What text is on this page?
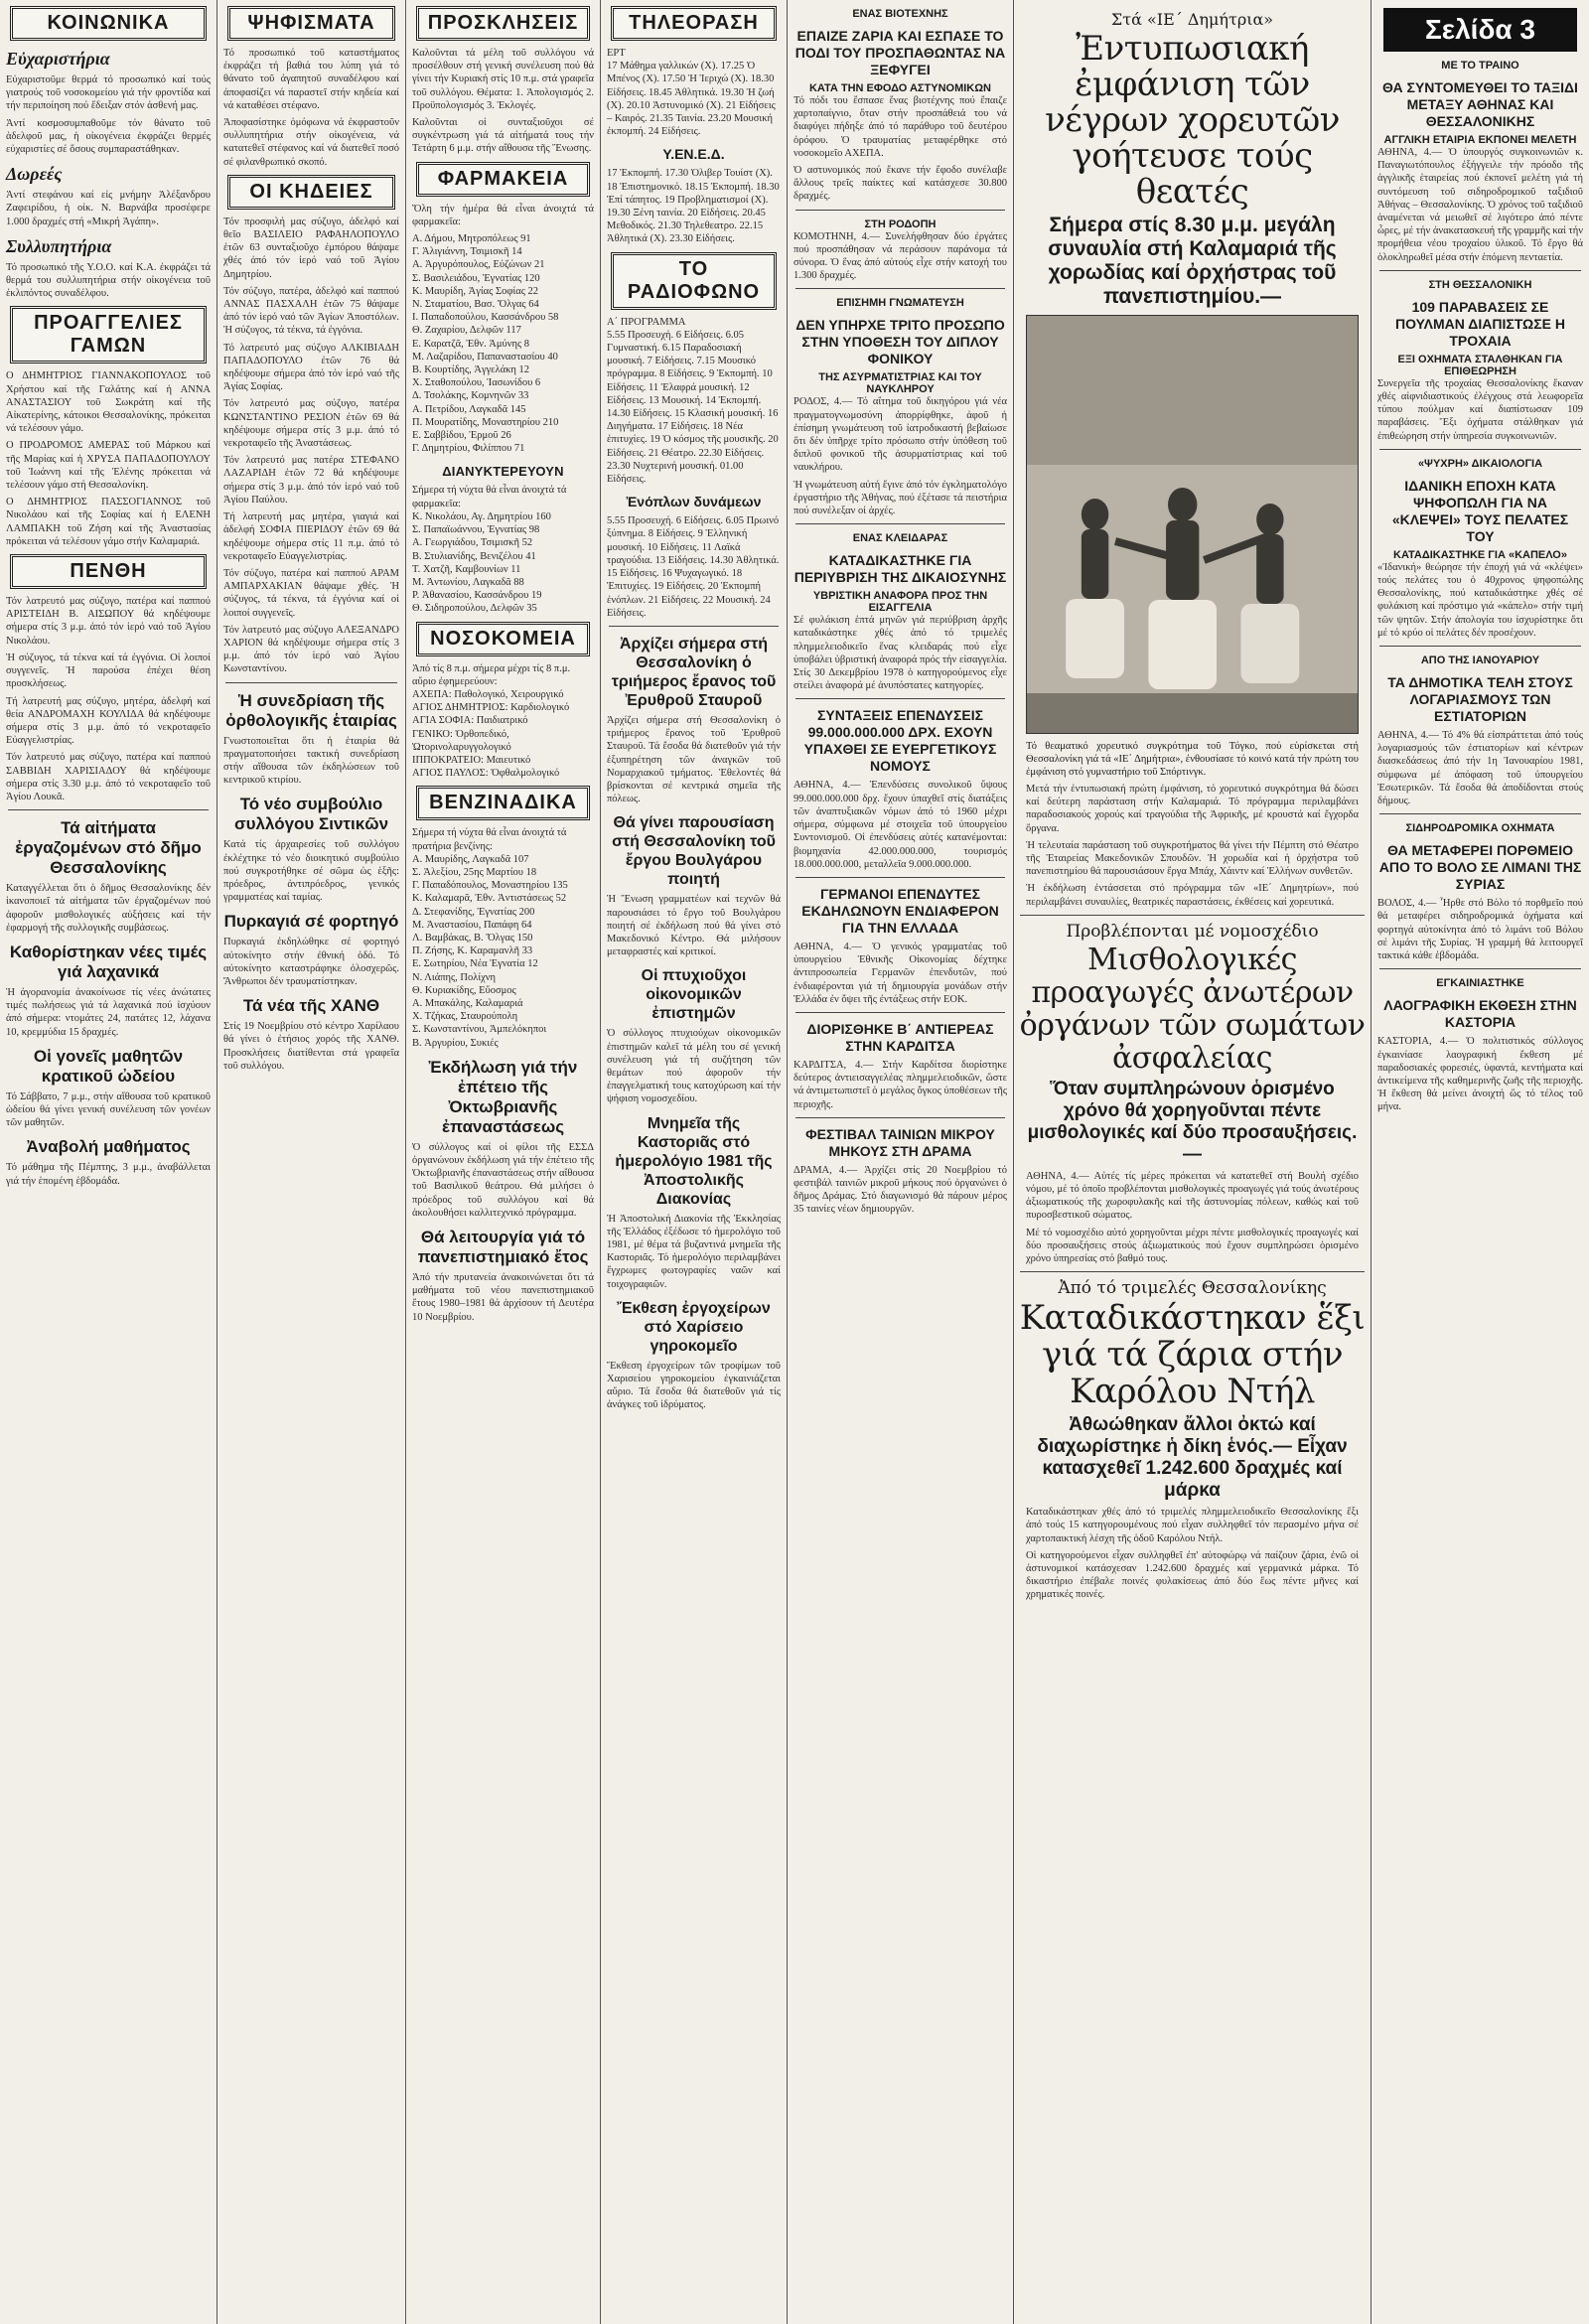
ΚΟΙΝΩΝΙΚΑ
Εὐχαριστήρια

Εὐχαριστοῦμε θερμά τό προσωπικό καί τούς γιατρούς τοῦ νοσοκομείου γιά τήν φροντίδα καί τήν περιποίηση πού ἔδειξαν στόν ἀσθενή μας.

Ἀντί κοσμοσυμπαθοῦμε τόν θάνατο τοῦ ἀδελφοῦ μας, ἡ οἰκογένεια ἐκφράζει θερμές εὐχαριστίες σέ ὅσους συμπαραστάθηκαν.

Δωρεές

Ἀντί στεφάνου καί εἰς μνήμην Ἀλέξανδρου Ζαφειρίδου, ἡ οἰκ. Ν. Βαρνάβα προσέφερε 1.000 δραχμές στή «Μικρή Ἀγάπη».

Συλλυπητήρια

Τό προσωπικό τῆς Υ.Ο.Ο. καί Κ.Α. ἐκφράζει τά θερμά του συλλυπητήρια στήν οἰκογένεια τοῦ ἐκλιπόντος συναδέλφου.

ΠΡΟΑΓΓΕΛΙΕΣ ΓΑΜΩΝ

Ο ΔΗΜΗΤΡΙΟΣ ΓΙΑΝΝΑΚΟΠΟΥΛΟΣ τοῦ Χρήστου καί τῆς Γαλάτης καί ἡ ΑΝΝΑ ΑΝΑΣΤΑΣΙΟΥ τοῦ Σωκράτη καί τῆς Αἰκατερίνης, κάτοικοι Θεσσαλονίκης, πρόκειται νά τελέσουν γάμο.

Ο ΠΡΟΔΡΟΜΟΣ ΑΜΕΡΑΣ τοῦ Μάρκου καί τῆς Μαρίας καί ἡ ΧΡΥΣΑ ΠΑΠΑΔΟΠΟΥΛΟΥ τοῦ Ἰωάννη καί τῆς Ἑλένης πρόκειται νά τελέσουν γάμο στή Θεσσαλονίκη.

Ο ΔΗΜΗΤΡΙΟΣ ΠΑΣΣΟΓΙΑΝΝΟΣ τοῦ Νικολάου καί τῆς Σοφίας καί ἡ ΕΛΕΝΗ ΛΑΜΠΑΚΗ τοῦ Ζήση καί τῆς Ἀναστασίας πρόκειται νά τελέσουν γάμο στήν Καλαμαριά.

ΠΕΝΘΗ

Τόν λατρευτό μας σύζυγο, πατέρα καί παππού ΑΡΙΣΤΕΙΔΗ Β. ΑΙΣΩΠΟΥ θά κηδέψουμε σήμερα στίς 3 μ.μ. ἀπό τόν ἱερό ναό τοῦ Ἁγίου Νικολάου.

Ἡ σύζυγος, τά τέκνα καί τά ἐγγόνια. Οἱ λοιποί συγγενεῖς. Ἡ παρούσα ἐπέχει θέση προσκλήσεως.

Τή λατρευτή μας σύζυγο, μητέρα, ἀδελφή καί θεία ΑΝΔΡΟΜΑΧΗ ΚΟΥΛΙΔΑ θά κηδέψουμε σήμερα στίς 3 μ.μ. ἀπό τό νεκροταφεῖο Εὐαγγελιστρίας.

Τόν λατρευτό μας σύζυγο, πατέρα καί παππού ΣΑΒΒΙΔΗ ΧΑΡΙΣΙΑΔΟΥ θά κηδέψουμε σήμερα στίς 3.30 μ.μ. ἀπό τό νεκροταφεῖο τοῦ Ἁγίου Λουκᾶ.

Τά αἰτήματα ἐργαζομένων στό δῆμο Θεσσαλονίκης

Καταγγέλλεται ὅτι ὁ δῆμος Θεσσαλονίκης δέν ἱκανοποιεῖ τά αἰτήματα τῶν ἐργαζομένων πού ἀφοροῦν μισθολογικές αὐξήσεις καί τήν ἐφαρμογή τῆς συλλογικῆς συμβάσεως.

Καθορίστηκαν νέες τιμές γιά λαχανικά

Ἡ ἀγορανομία ἀνακοίνωσε τίς νέες ἀνώτατες τιμές πωλήσεως γιά τά λαχανικά πού ἰσχύουν ἀπό σήμερα: ντομάτες 24, πατάτες 12, λάχανα 10, κρεμμύδια 15 δραχμές.

Οἱ γονεῖς μαθητῶν κρατικοῦ ὠδείου

Τό Σάββατο, 7 μ.μ., στήν αἴθουσα τοῦ κρατικοῦ ὠδείου θά γίνει γενική συνέλευση τῶν γονέων τῶν μαθητῶν.

Ἀναβολή μαθήματος

Τό μάθημα τῆς Πέμπτης, 3 μ.μ., ἀναβάλλεται γιά τήν ἑπομένη ἑβδομάδα.

ΨΗΦΙΣΜΑΤΑ

Τό προσωπικό τοῦ καταστήματος ἐκφράζει τή βαθιά του λύπη γιά τό θάνατο τοῦ ἀγαπητοῦ συναδέλφου καί ἀποφασίζει νά παραστεῖ στήν κηδεία καί νά καταθέσει στέφανο.

Ἀποφασίστηκε ὁμόφωνα νά ἐκφραστοῦν συλλυπητήρια στήν οἰκογένεια, νά κατατεθεῖ στέφανος καί νά διατεθεῖ ποσό σέ φιλανθρωπικό σκοπό.

ΟΙ ΚΗΔΕΙΕΣ

Τόν προσφιλή μας σύζυγο, ἀδελφό καί θεῖο ΒΑΣΙΛΕΙΟ ΡΑΦΑΗΛΟΠΟΥΛΟ ἐτῶν 63 συνταξιοῦχο ἐμπόρου θάψαμε χθές ἀπό τόν ἱερό ναό τοῦ Ἁγίου Δημητρίου.

Τόν σύζυγο, πατέρα, ἀδελφό καί παππού ΑΝΝΑΣ ΠΑΣΧΑΛΗ ἐτῶν 75 θάψαμε ἀπό τόν ἱερό ναό τῶν Ἁγίων Ἀποστόλων. Ἡ σύζυγος, τά τέκνα, τά ἐγγόνια.

Τό λατρευτό μας σύζυγο ΑΛΚΙΒΙΑΔΗ ΠΑΠΑΔΟΠΟΥΛΟ ἐτῶν 76 θά κηδέψουμε σήμερα ἀπό τόν ἱερό ναό τῆς Ἁγίας Σοφίας.

Τόν λατρευτό μας σύζυγο, πατέρα ΚΩΝΣΤΑΝΤΙΝΟ ΡΕΣΙΟΝ ἐτῶν 69 θά κηδέψουμε σήμερα στίς 3 μ.μ. ἀπό τό νεκροταφεῖο τῆς Ἀναστάσεως.

Τόν λατρευτό μας πατέρα ΣΤΕΦΑΝΟ ΛΑΖΑΡΙΔΗ ἐτῶν 72 θά κηδέψουμε σήμερα στίς 3 μ.μ. ἀπό τόν ἱερό ναό τοῦ Ἁγίου Παύλου.

Τή λατρευτή μας μητέρα, γιαγιά καί ἀδελφή ΣΟΦΙΑ ΠΙΕΡΙΔΟΥ ἐτῶν 69 θά κηδέψουμε σήμερα στίς 11 π.μ. ἀπό τό νεκροταφεῖο Εὐαγγελιστρίας.

Τόν σύζυγο, πατέρα καί παππού ΑΡΑΜ ΑΜΠΑΡΧΑΚΙΑΝ θάψαμε χθές. Ἡ σύζυγος, τά τέκνα, τά ἐγγόνια καί οἱ λοιποί συγγενεῖς.

Τόν λατρευτό μας σύζυγο ΑΛΕΞΑΝΔΡΟ ΧΑΡΙΟΝ θά κηδέψουμε σήμερα στίς 3 μ.μ. ἀπό τόν ἱερό ναό Ἁγίου Κωνσταντίνου.

Ἡ συνεδρίαση τῆς ὀρθολογικῆς ἑταιρίας

Γνωστοποιεῖται ὅτι ἡ ἑταιρία θά πραγματοποιήσει τακτική συνεδρίαση στήν αἴθουσα τῶν ἐκδηλώσεων τοῦ κεντρικοῦ κτιρίου.

Τό νέο συμβούλιο συλλόγου Σιντικῶν

Κατά τίς ἀρχαιρεσίες τοῦ συλλόγου ἐκλέχτηκε τό νέο διοικητικό συμβούλιο πού συγκροτήθηκε σέ σῶμα ὡς ἑξῆς: πρόεδρος, ἀντιπρόεδρος, γενικός γραμματέας καί ταμίας.

Πυρκαγιά σέ φορτηγό

Πυρκαγιά ἐκδηλώθηκε σέ φορτηγό αὐτοκίνητο στήν ἐθνική ὁδό. Τό αὐτοκίνητο καταστράφηκε ὁλοσχερῶς. Ἄνθρωποι δέν τραυματίστηκαν.

Τά νέα τῆς ΧΑΝΘ

Στίς 19 Νοεμβρίου στό κέντρο Χαρίλαου θά γίνει ὁ ἐτήσιος χορός τῆς ΧΑΝΘ. Προσκλήσεις διατίθενται στά γραφεῖα τοῦ συλλόγου.

ΠΡΟΣΚΛΗΣΕΙΣ

Καλοῦνται τά μέλη τοῦ συλλόγου νά προσέλθουν στή γενική συνέλευση πού θά γίνει τήν Κυριακή στίς 10 π.μ. στά γραφεῖα τοῦ συλλόγου. Θέματα: 1. Ἀπολογισμός 2. Προϋπολογισμός 3. Ἐκλογές.

Καλοῦνται οἱ συνταξιοῦχοι σέ συγκέντρωση γιά τά αἰτήματά τους τήν Τετάρτη 6 μ.μ. στήν αἴθουσα τῆς Ἕνωσης.

ΦΑΡΜΑΚΕΙΑ

Ὅλη τήν ἡμέρα θά εἶναι ἀνοιχτά τά φαρμακεῖα:

Α. Δήμου, Μητροπόλεως 91
Γ. Ἀλιγιάννη, Τσιμισκῆ 14
Α. Ἀργυρόπουλος, Εὐζώνων 21
Σ. Βασιλειάδου, Ἐγνατίας 120
Κ. Μαυρίδη, Ἀγίας Σοφίας 22
Ν. Σταματίου, Βασ. Ὄλγας 64
Ι. Παπαδοπούλου, Κασσάνδρου 58
Θ. Ζαχαρίου, Δελφῶν 117
Ε. Καρατζᾶ, Ἐθν. Ἀμύνης 8
Μ. Λαζαρίδου, Παπαναστασίου 40
Β. Κουρτίδης, Ἀγγελάκη 12
Χ. Σταθοπούλου, Ἰασωνίδου 6
Δ. Τσολάκης, Κομνηνῶν 33
Α. Πετρίδου, Λαγκαδᾶ 145
Π. Μουρατίδης, Μοναστηρίου 210
Ε. Σαββίδου, Ἑρμοῦ 26
Γ. Δημητρίου, Φιλίππου 71
ΔΙΑΝΥΚΤΕΡΕΥΟΥΝ
Σήμερα τή νύχτα θά εἶναι ἀνοιχτά τά φαρμακεῖα:
Κ. Νικολάου, Αγ. Δημητρίου 160
Σ. Παπαϊωάννου, Ἐγνατίας 98
Α. Γεωργιάδου, Τσιμισκῆ 52
Β. Στυλιανίδης, Βενιζέλου 41
Τ. Χατζῆ, Καμβουνίων 11
Μ. Ἀντωνίου, Λαγκαδᾶ 88
Ρ. Ἀθανασίου, Κασσάνδρου 19
Θ. Σιδηροπούλου, Δελφῶν 35
ΝΟΣΟΚΟΜΕΙΑ
Ἀπό τίς 8 π.μ. σήμερα μέχρι τίς 8 π.μ. αὔριο ἐφημερεύουν:
ΑΧΕΠΑ: Παθολογικό, Χειρουργικό
ΑΓΙΟΣ ΔΗΜΗΤΡΙΟΣ: Καρδιολογικό
ΑΓΙΑ ΣΟΦΙΑ: Παιδιατρικό
ΓΕΝΙΚΟ: Ὀρθοπεδικό, Ὠτορινολαρυγγολογικό
ΙΠΠΟΚΡΑΤΕΙΟ: Μαιευτικό
ΑΓΙΟΣ ΠΑΥΛΟΣ: Ὀφθαλμολογικό
ΒΕΝΖΙΝΑΔΙΚΑ
Σήμερα τή νύχτα θά εἶναι ἀνοιχτά τά πρατήρια βενζίνης:
Α. Μαυρίδης, Λαγκαδᾶ 107
Σ. Ἀλεξίου, 25ης Μαρτίου 18
Γ. Παπαδόπουλος, Μοναστηρίου 135
Κ. Καλαμαρᾶ, Ἐθν. Ἀντιστάσεως 52
Δ. Στεφανίδης, Ἐγνατίας 200
Μ. Ἀναστασίου, Παπάφη 64
Λ. Βαμβάκας, Β. Ὄλγας 150
Π. Ζήσης, Κ. Καραμανλῆ 33
Ε. Σωτηρίου, Νέα Ἐγνατία 12
Ν. Λιάπης, Πολίχνη
Θ. Κυριακίδης, Εὔοσμος
Α. Μπακάλης, Καλαμαριά
Χ. Τζήκας, Σταυρούπολη
Σ. Κωνσταντίνου, Ἀμπελόκηποι
Β. Ἀργυρίου, Συκιές
Ἐκδήλωση γιά τήν ἐπέτειο τῆς Ὀκτωβριανῆς ἐπαναστάσεως

Ὁ σύλλογος καί οἱ φίλοι τῆς ΕΣΣΔ ὀργανώνουν ἐκδήλωση γιά τήν ἐπέτειο τῆς Ὀκτωβριανῆς ἐπαναστάσεως στήν αἴθουσα τοῦ Βασιλικοῦ θεάτρου. Θά μιλήσει ὁ πρόεδρος τοῦ συλλόγου καί θά ἀκολουθήσει καλλιτεχνικό πρόγραμμα.

Θά λειτουργία γιά τό πανεπιστημιακό ἔτος

Ἀπό τήν πρυτανεία ἀνακοινώνεται ὅτι τά μαθήματα τοῦ νέου πανεπιστημιακοῦ ἔτους 1980–1981 θά ἀρχίσουν τή Δευτέρα 10 Νοεμβρίου.

ΤΗΛΕΟΡΑΣΗ
ΕΡΤ
17 Μάθημα γαλλικών (Χ). 17.25 Ὁ Μπένος (Χ). 17.50 Ἡ Ἱεριχώ (Χ). 18.30 Εἰδήσεις. 18.45 Ἀθλητικά. 19.30 Ἡ ζωή (Χ). 20.10 Ἀστυνομικό (Χ). 21 Εἰδήσεις – Καιρός. 21.35 Ταινία. 23.20 Μουσική ἐκπομπή. 24 Εἰδήσεις.
Υ.ΕΝ.Ε.Δ.
17 Ἐκπομπή. 17.30 Ὀλιβερ Τουίστ (Χ). 18 Ἐπιστημονικό. 18.15 Ἐκπομπή. 18.30 Ἐπί τάπητος. 19 Προβληματισμοί (Χ). 19.30 Ξένη ταινία. 20 Εἰδήσεις. 20.45 Μεθοδικός. 21.30 Τηλεθεατρο. 22.15 Ἀθλητικά (Χ). 23.30 Εἰδήσεις.
ΤΟ ΡΑΔΙΟΦΩΝΟ
Α΄ ΠΡΟΓΡΑΜΜΑ
5.55 Προσευχή. 6 Εἰδήσεις. 6.05 Γυμναστική. 6.15 Παραδοσιακή μουσική. 7 Εἰδήσεις. 7.15 Μουσικό πρόγραμμα. 8 Εἰδήσεις. 9 Ἐκπομπή. 10 Εἰδήσεις. 11 Ἐλαφρά μουσική. 12 Εἰδήσεις. 13 Μουσική. 14 Ἐκπομπή. 14.30 Εἰδήσεις. 15 Κλασική μουσική. 16 Διηγήματα. 17 Εἰδήσεις. 18 Νέα ἐπιτυχίες. 19 Ὁ κόσμος τῆς μουσικῆς. 20 Εἰδήσεις. 21 Θέατρο. 22.30 Εἰδήσεις. 23.30 Νυχτερινή μουσική. 01.00 Εἰδήσεις.
Ἐνόπλων δυνάμεων
5.55 Προσευχή. 6 Εἰδήσεις. 6.05 Πρωινό ξύπνημα. 8 Εἰδήσεις. 9 Ἑλληνική μουσική. 10 Εἰδήσεις. 11 Λαϊκά τραγούδια. 13 Εἰδήσεις. 14.30 Ἀθλητικά. 15 Εἰδήσεις. 16 Ψυχαγωγικό. 18 Ἐπιτυχίες. 19 Εἰδήσεις. 20 Ἐκπομπή ἐνόπλων. 21 Εἰδήσεις. 22 Μουσική. 24 Εἰδήσεις.
Ἀρχίζει σήμερα στή Θεσσαλονίκη ὁ τριήμερος ἔρανος τοῦ Ἐρυθροῦ Σταυροῦ

Ἀρχίζει σήμερα στή Θεσσαλονίκη ὁ τριήμερος ἔρανος τοῦ Ἐρυθροῦ Σταυροῦ. Τά ἔσοδα θά διατεθοῦν γιά τήν ἐξυπηρέτηση τῶν ἀναγκῶν τοῦ Νομαρχιακοῦ τμήματος. Ἐθελοντές θά βρίσκονται σέ κεντρικά σημεῖα τῆς πόλεως.

Θά γίνει παρουσίαση στή Θεσσαλονίκη τοῦ ἔργου Βουλγάρου ποιητή

Ἡ Ἕνωση γραμματέων καί τεχνῶν θά παρουσιάσει τό ἔργο τοῦ Βουλγάρου ποιητή σέ ἐκδήλωση πού θά γίνει στό Μακεδονικό Κέντρο. Θά μιλήσουν μεταφραστές καί κριτικοί.

Οἱ πτυχιοῦχοι οἰκονομικῶν ἐπιστημῶν

Ὁ σύλλογος πτυχιούχων οἰκονομικῶν ἐπιστημῶν καλεῖ τά μέλη του σέ γενική συνέλευση γιά τή συζήτηση τῶν θεμάτων πού ἀφοροῦν τήν ἐπαγγελματική τους κατοχύρωση καί τήν ψήφιση νομοσχεδίου.

Μνημεῖα τῆς Καστοριᾶς στό ἡμερολόγιο 1981 τῆς Ἀποστολικῆς Διακονίας

Ἡ Ἀποστολική Διακονία τῆς Ἐκκλησίας τῆς Ἑλλάδος ἐξέδωσε τό ἡμερολόγιο τοῦ 1981, μέ θέμα τά βυζαντινά μνημεῖα τῆς Καστοριᾶς. Τό ἡμερολόγιο περιλαμβάνει ἔγχρωμες φωτογραφίες ναῶν καί τοιχογραφιῶν.

Ἔκθεση ἐργοχείρων στό Χαρίσειο γηροκομεῖο

Ἔκθεση ἐργοχείρων τῶν τροφίμων τοῦ Χαρισείου γηροκομείου ἐγκαινιάζεται αὔριο. Τά ἔσοδα θά διατεθοῦν γιά τίς ἀνάγκες τοῦ ἱδρύματος.

ΕΝΑΣ ΒΙΟΤΕΧΝΗΣ
ΕΠΑΙΖΕ ΖΑΡΙΑ ΚΑΙ ΕΣΠΑΣΕ ΤΟ ΠΟΔΙ ΤΟΥ ΠΡΟΣΠΑΘΩΝΤΑΣ ΝΑ ΞΕΦΥΓΕΙ
ΚΑΤΑ ΤΗΝ ΕΦΟΔΟ ΑΣΤΥΝΟΜΙΚΩΝ

Τό πόδι του ἔσπασε ἕνας βιοτέχνης πού ἔπαιζε χαρτοπαίγνιο, ὅταν στήν προσπάθειά του νά διαφύγει πήδηξε ἀπό τό παράθυρο τοῦ δευτέρου ὀρόφου. Ὁ τραυματίας μεταφέρθηκε στό νοσοκομεῖο ΑΧΕΠΑ.

Ὁ αστυνομικός πού ἔκανε τήν ἔφοδο συνέλαβε ἄλλους τρεῖς παίκτες καί κατάσχεσε 30.800 δραχμές.

ΣΤΗ ΡΟΔΟΠΗ

ΚΟΜΟΤΗΝΗ, 4.— Συνελήφθησαν δύο ἐργάτες πού προσπάθησαν νά περάσουν παράνομα τά σύνορα. Ὁ ἕνας ἀπό αὐτούς εἶχε στήν κατοχή του 1.300 δραχμές.

ΕΠΙΣΗΜΗ ΓΝΩΜΑΤΕΥΣΗ
ΔΕΝ ΥΠΗΡΧΕ ΤΡΙΤΟ ΠΡΟΣΩΠΟ ΣΤΗΝ ΥΠΟΘΕΣΗ ΤΟΥ ΔΙΠΛΟΥ ΦΟΝΙΚΟΥ
ΤΗΣ ΑΣΥΡΜΑΤΙΣΤΡΙΑΣ ΚΑΙ ΤΟΥ ΝΑΥΚΛΗΡΟΥ

ΡΟΔΟΣ, 4.— Τό αἴτημα τοῦ δικηγόρου γιά νέα πραγματογνωμοσύνη ἀπορρίφθηκε, ἀφοῦ ἡ ἐπίσημη γνωμάτευση τοῦ ἰατροδικαστή βεβαίωσε ὅτι δέν ὑπῆρχε τρίτο πρόσωπο στήν ὑπόθεση τοῦ διπλοῦ φονικοῦ τῆς ἀσυρματίστριας καί τοῦ ναυκλήρου.

Ἡ γνωμάτευση αὐτή ἔγινε ἀπό τόν ἐγκληματολόγο ἐργαστήριο τῆς Ἀθήνας, πού ἐξέτασε τά πειστήρια πού συνέλεξαν οἱ ἀρχές.

ΕΝΑΣ ΚΛΕΙΔΑΡΑΣ
ΚΑΤΑΔΙΚΑΣΤΗΚΕ ΓΙΑ ΠΕΡΙΥΒΡΙΣΗ ΤΗΣ ΔΙΚΑΙΟΣΥΝΗΣ
ΥΒΡΙΣΤΙΚΗ ΑΝΑΦΟΡΑ ΠΡΟΣ ΤΗΝ ΕΙΣΑΓΓΕΛΙΑ

Σέ φυλάκιση ἑπτά μηνῶν γιά περιύβριση ἀρχῆς καταδικάστηκε χθές ἀπό τό τριμελές πλημμελειοδικεῖο ἕνας κλειδαράς πού εἶχε ὑποβάλει ὑβριστική ἀναφορά πρός τήν εἰσαγγελία. Στίς 30 Δεκεμβρίου 1978 ὁ κατηγορούμενος εἶχε στείλει ἀναφορά μέ ἀνυπόστατες κατηγορίες.

ΣΥΝΤΑΞΕΙΣ ΕΠΕΝΔΥΣΕΙΣ 99.000.000.000 ΔΡΧ. ΕΧΟΥΝ ΥΠΑΧΘΕΙ ΣΕ ΕΥΕΡΓΕΤΙΚΟΥΣ ΝΟΜΟΥΣ

ΑΘΗΝΑ, 4.— Ἐπενδύσεις συνολικοῦ ὕψους 99.000.000.000 δρχ. ἔχουν ὑπαχθεῖ στίς διατάξεις τῶν ἀναπτυξιακῶν νόμων ἀπό τό 1960 μέχρι σήμερα, σύμφωνα μέ στοιχεῖα τοῦ ὑπουργείου Συντονισμοῦ. Οἱ ἐπενδύσεις αὐτές κατανέμονται: βιομηχανία 42.000.000.000, τουρισμός 18.000.000.000, μεταλλεῖα 9.000.000.000.

ΓΕΡΜΑΝΟΙ ΕΠΕΝΔΥΤΕΣ ΕΚΔΗΛΩΝΟΥΝ ΕΝΔΙΑΦΕΡΟΝ ΓΙΑ ΤΗΝ ΕΛΛΑΔΑ

ΑΘΗΝΑ, 4.— Ὁ γενικός γραμματέας τοῦ ὑπουργείου Ἐθνικῆς Οἰκονομίας δέχτηκε ἀντιπροσωπεία Γερμανῶν ἐπενδυτῶν, πού ἐνδιαφέρονται γιά τή δημιουργία μονάδων στήν Ἑλλάδα ἐν ὄψει τῆς ἐντάξεως στήν ΕΟΚ.

ΔΙΟΡΙΣΘΗΚΕ Β΄ ΑΝΤΙΕΡΕΑΣ ΣΤΗΝ ΚΑΡΔΙΤΣΑ

ΚΑΡΔΙΤΣΑ, 4.— Στήν Καρδίτσα διορίστηκε δεύτερος ἀντιεισαγγελέας πλημμελειοδικῶν, ὥστε νά ἀντιμετωπιστεῖ ὁ μεγάλος ὄγκος ὑποθέσεων τῆς περιοχῆς.

ΦΕΣΤΙΒΑΛ ΤΑΙΝΙΩΝ ΜΙΚΡΟΥ ΜΗΚΟΥΣ ΣΤΗ ΔΡΑΜΑ

ΔΡΑΜΑ, 4.— Ἀρχίζει στίς 20 Νοεμβρίου τό φεστιβάλ ταινιῶν μικροῦ μήκους πού ὀργανώνει ὁ δῆμος Δράμας. Στό διαγωνισμό θά πάρουν μέρος 35 ταινίες νέων δημιουργῶν.

Στά «ΙΕ΄ Δημήτρια»
Ἐντυπωσιακή ἐμφάνιση τῶν νέγρων χορευτῶν γοήτευσε τούς θεατές
Σήμερα στίς 8.30 μ.μ. μεγάλη συναυλία στή Καλαμαριά τῆς χορωδίας καί ὀρχήστρας τοῦ πανεπιστημίου.—

Τό θεαματικό χορευτικό συγκρότημα τοῦ Τόγκο, πού εὑρίσκεται στή Θεσσαλονίκη γιά τά «ΙΕ΄ Δημήτρια», ἐνθουσίασε τό κοινό κατά τήν πρώτη του ἐμφάνιση στό γυμναστήριο τοῦ Σπόρτινγκ.

Μετά τήν ἐντυπωσιακή πρώτη ἐμφάνιση, τό χορευτικό συγκρότημα θά δώσει καί δεύτερη παράσταση στήν Καλαμαριά. Τό πρόγραμμα περιλαμβάνει παραδοσιακούς χορούς καί τραγούδια τῆς Ἀφρικῆς, μέ κρουστά καί ἔγχορδα ὄργανα.

Ἡ τελευταία παράσταση τοῦ συγκροτήματος θά γίνει τήν Πέμπτη στό Θέατρο τῆς Ἑταιρείας Μακεδονικῶν Σπουδῶν. Ἡ χορωδία καί ἡ ὀρχήστρα τοῦ πανεπιστημίου θά παρουσιάσουν ἔργα Μπάχ, Χάιντν καί Ἑλλήνων συνθετῶν.

Ἡ ἐκδήλωση ἐντάσσεται στό πρόγραμμα τῶν «ΙΕ΄ Δημητρίων», πού περιλαμβάνει συναυλίες, θεατρικές παραστάσεις, ἐκθέσεις καί χορευτικά.

Προβλέπονται μέ νομοσχέδιο
Μισθολογικές προαγωγές ἀνωτέρων ὀργάνων τῶν σωμάτων ἀσφαλείας
Ὅταν συμπληρώνουν ὁρισμένο χρόνο θά χορηγοῦνται πέντε μισθολογικές καί δύο προσαυξήσεις.—

ΑΘΗΝΑ, 4.— Αὐτές τίς μέρες πρόκειται νά κατατεθεῖ στή Βουλή σχέδιο νόμου, μέ τό ὁποῖο προβλέπονται μισθολογικές προαγωγές γιά τούς ἀνωτέρους ἀξιωματικούς τῆς χωροφυλακῆς καί τῆς ἀστυνομίας πόλεων, καθώς καί τοῦ πυροσβεστικοῦ σώματος.

Μέ τό νομοσχέδιο αὐτό χορηγοῦνται μέχρι πέντε μισθολογικές προαγωγές καί δύο προσαυξήσεις στούς ἀξιωματικούς πού ἔχουν συμπληρώσει ὁρισμένο χρόνο ὑπηρεσίας στό βαθμό τους.

Ἀπό τό τριμελές Θεσσαλονίκης
Καταδικάστηκαν ἕξι γιά τά ζάρια στήν Καρόλου Ντήλ
Ἀθωώθηκαν ἄλλοι ὀκτώ καί διαχωρίστηκε ἡ δίκη ἑνός.— Εἶχαν κατασχεθεῖ 1.242.600 δραχμές καί μάρκα

Καταδικάστηκαν χθές ἀπό τό τριμελές πλημμελειοδικεῖο Θεσσαλονίκης ἕξι ἀπό τούς 15 κατηγορουμένους πού εἶχαν συλληφθεῖ τόν περασμένο μήνα σέ χαρτοπαικτική λέσχη τῆς ὁδοῦ Καρόλου Ντήλ.

Οἱ κατηγορούμενοι εἶχαν συλληφθεῖ ἐπ' αὐτοφώρῳ νά παίζουν ζάρια, ἐνῶ οἱ ἀστυνομικοί κατάσχεσαν 1.242.600 δραχμές καί γερμανικά μάρκα. Τό δικαστήριο ἐπέβαλε ποινές φυλακίσεως ἀπό δύο ἕως πέντε μῆνες καί χρηματικές ποινές.

Σελίδα 3
ΜΕ ΤΟ ΤΡΑΙΝΟ
ΘΑ ΣΥΝΤΟΜΕΥΘΕΙ ΤΟ ΤΑΞΙΔΙ ΜΕΤΑΞΥ ΑΘΗΝΑΣ ΚΑΙ ΘΕΣΣΑΛΟΝΙΚΗΣ
ΑΓΓΛΙΚΗ ΕΤΑΙΡΙΑ ΕΚΠΟΝΕΙ ΜΕΛΕΤΗ

ΑΘΗΝΑ, 4.— Ὁ ὑπουργός συγκοινωνιῶν κ. Παναγιωτόπουλος ἐξήγγειλε τήν πρόοδο τῆς ἀγγλικῆς ἑταιρείας πού ἐκπονεῖ μελέτη γιά τή συντόμευση τοῦ σιδηροδρομικοῦ ταξιδιοῦ Ἀθήνας – Θεσσαλονίκης. Ὁ χρόνος τοῦ ταξιδιοῦ ἀναμένεται νά μειωθεῖ σέ λιγότερο ἀπό πέντε ὧρες, μέ τήν ἀνακατασκευή τῆς γραμμῆς καί τήν προμήθεια νέου τροχαίου ὑλικοῦ. Τό ἔργο θά ὁλοκληρωθεῖ μέσα στήν ἑπόμενη πενταετία.

ΣΤΗ ΘΕΣΣΑΛΟΝΙΚΗ
109 ΠΑΡΑΒΑΣΕΙΣ ΣΕ ΠΟΥΛΜΑΝ ΔΙΑΠΙΣΤΩΣΕ Η ΤΡΟΧΑΙΑ
ΕΞΙ ΟΧΗΜΑΤΑ ΣΤΑΛΘΗΚΑΝ ΓΙΑ ΕΠΙΘΕΩΡΗΣΗ

Συνεργεῖα τῆς τροχαίας Θεσσαλονίκης ἔκαναν χθές αἰφνιδιαστικούς ἐλέγχους στά λεωφορεῖα τύπου πούλμαν καί διαπίστωσαν 109 παραβάσεις. Ἕξι ὀχήματα στάλθηκαν γιά ἐπιθεώρηση στήν ὑπηρεσία συγκοινωνιῶν.

«ΨΥΧΡΗ» ΔΙΚΑΙΟΛΟΓΙΑ
ΙΔΑΝΙΚΗ ΕΠΟΧΗ ΚΑΤΑ ΨΗΦΟΠΩΛΗ ΓΙΑ ΝΑ «ΚΛΕΨΕΙ» ΤΟΥΣ ΠΕΛΑΤΕΣ ΤΟΥ
ΚΑΤΑΔΙΚΑΣΤΗΚΕ ΓΙΑ «ΚΑΠΕΛΟ»

«Ἰδανική» θεώρησε τήν ἐποχή γιά νά «κλέψει» τούς πελάτες του ὁ 40χρονος ψηφοπώλης Θεσσαλονίκης, πού καταδικάστηκε χθές σέ φυλάκιση καί πρόστιμο γιά «κάπελο» στήν τιμή τῶν ψητῶν. Στήν ἀπολογία του ἰσχυρίστηκε ὅτι μέ τό κρύο οἱ πελάτες δέν προσέχουν.

ΑΠΟ ΤΗΣ ΙΑΝΟΥΑΡΙΟΥ
ΤΑ ΔΗΜΟΤΙΚΑ ΤΕΛΗ ΣΤΟΥΣ ΛΟΓΑΡΙΑΣΜΟΥΣ ΤΩΝ ΕΣΤΙΑΤΟΡΙΩΝ

ΑΘΗΝΑ, 4.— Τό 4% θά εἰσπράττεται ἀπό τούς λογαριασμούς τῶν ἐστιατορίων καί κέντρων διασκεδάσεως ἀπό τήν 1η Ἰανουαρίου 1981, σύμφωνα μέ ἀπόφαση τοῦ ὑπουργείου Ἐσωτερικῶν. Τά ἔσοδα θά ἀποδίδονται στούς δήμους.

ΣΙΔΗΡΟΔΡΟΜΙΚΑ ΟΧΗΜΑΤΑ
ΘΑ ΜΕΤΑΦΕΡΕΙ ΠΟΡΘΜΕΙΟ ΑΠΟ ΤΟ ΒΟΛΟ ΣΕ ΛΙΜΑΝΙ ΤΗΣ ΣΥΡΙΑΣ

ΒΟΛΟΣ, 4.— Ἦρθε στό Βόλο τό πορθμεῖο πού θά μεταφέρει σιδηροδρομικά ὀχήματα καί φορτηγά αὐτοκίνητα ἀπό τό λιμάνι τοῦ Βόλου σέ λιμάνι τῆς Συρίας. Ἡ γραμμή θά λειτουργεῖ τακτικά κάθε ἑβδομάδα.

ΕΓΚΑΙΝΙΑΣΤΗΚΕ
ΛΑΟΓΡΑΦΙΚΗ ΕΚΘΕΣΗ ΣΤΗΝ ΚΑΣΤΟΡΙΑ

ΚΑΣΤΟΡΙΑ, 4.— Ὁ πολιτιστικός σύλλογος ἐγκαινίασε λαογραφική ἔκθεση μέ παραδοσιακές φορεσιές, ὑφαντά, κεντήματα καί ἀντικείμενα τῆς καθημερινῆς ζωῆς τῆς περιοχῆς. Ἡ ἔκθεση θά μείνει ἀνοιχτή ὥς τό τέλος τοῦ μήνα.
